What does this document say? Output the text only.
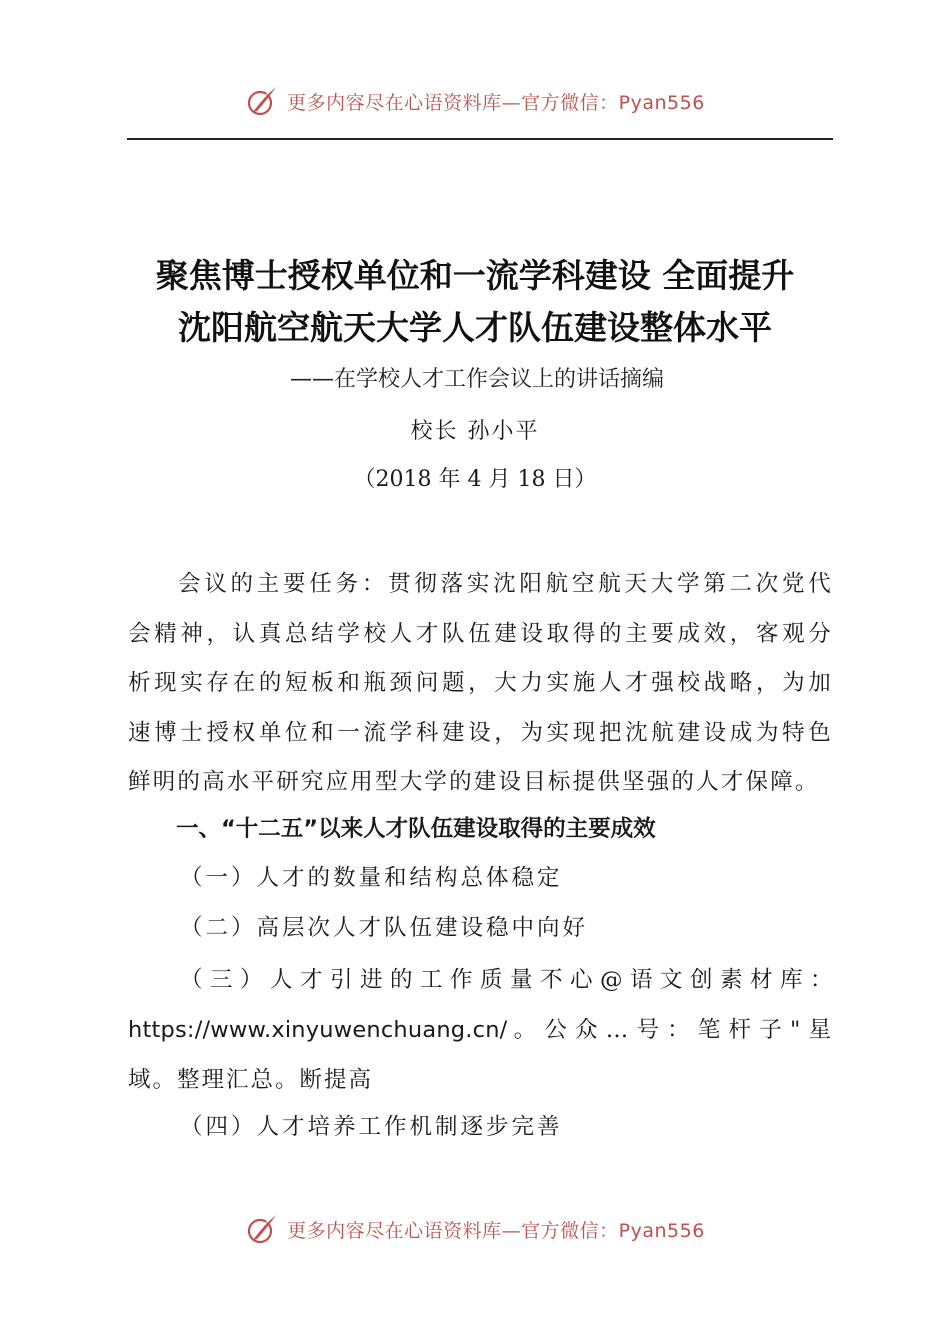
更多内容尽在心语资料库—官方微信：Pyan556
聚焦博士授权单位和一流学科建设 全面提升
沈阳航空航天大学人才队伍建设整体水平
——在学校人才工作会议上的讲话摘编
校长 孙小平
（2018 年 4 月 18 日）
会议的主要任务：贯彻落实沈阳航空航天大学第二次党代
会精神，认真总结学校人才队伍建设取得的主要成效，客观分
析现实存在的短板和瓶颈问题，大力实施人才强校战略，为加
速博士授权单位和一流学科建设，为实现把沈航建设成为特色
鲜明的高水平研究应用型大学的建设目标提供坚强的人才保障。
一、“十二五”以来人才队伍建设取得的主要成效
（一）人才的数量和结构总体稳定
（二）高层次人才队伍建设稳中向好
（三）人才引进的工作质量不心@语文创素材库：
https://www.xinyuwenchuang.cn/。公众…号：笔杆子"星
域。整理汇总。断提高
（四）人才培养工作机制逐步完善
更多内容尽在心语资料库—官方微信：Pyan556
